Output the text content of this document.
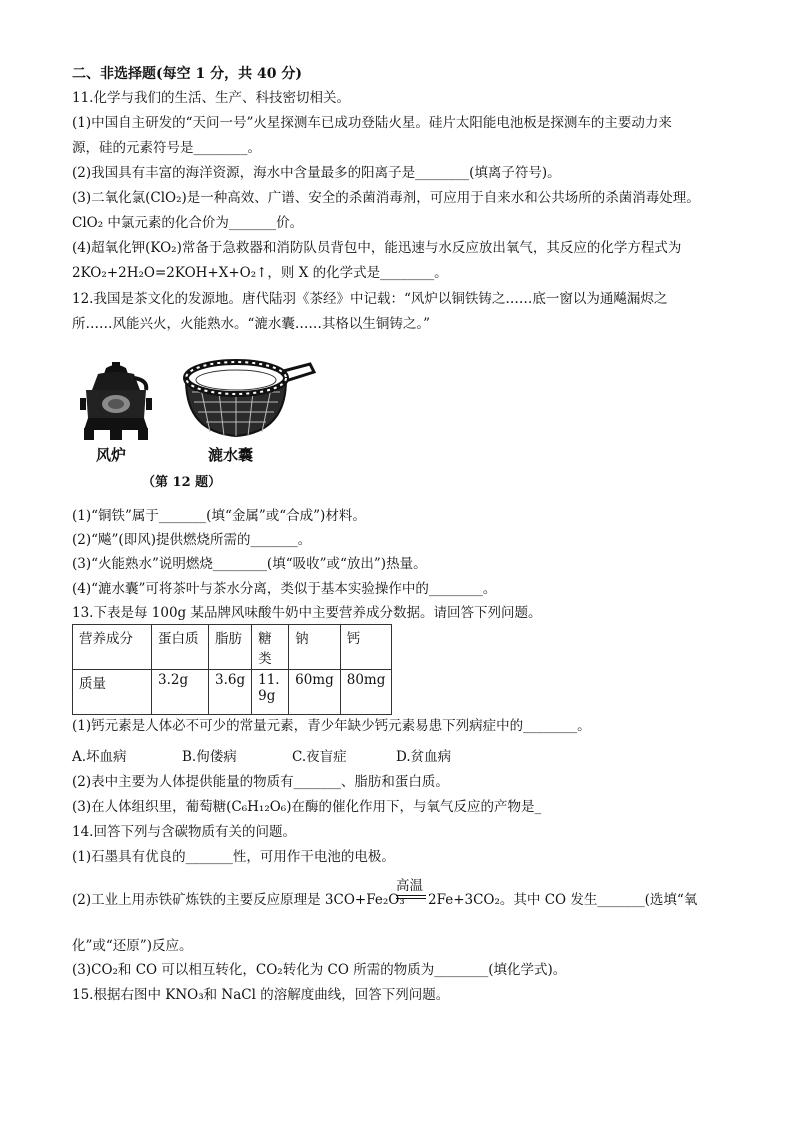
二、非选择题(每空 1 分，共 40 分)
11.化学与我们的生活、生产、科技密切相关。
(1)中国自主研发的“天问一号”火星探测车已成功登陆火星。硅片太阳能电池板是探测车的主要动力来
源，硅的元素符号是________。
(2)我国具有丰富的海洋资源，海水中含量最多的阳离子是________(填离子符号)。
(3)二氧化氯(ClO₂)是一种高效、广谱、安全的杀菌消毒剂，可应用于自来水和公共场所的杀菌消毒处理。
ClO₂ 中氯元素的化合价为_______价。
(4)超氧化钾(KO₂)常备于急救器和消防队员背包中，能迅速与水反应放出氧气，其反应的化学方程式为
2KO₂+2H₂O=2KOH+X+O₂↑，则 X 的化学式是________。
12.我国是茶文化的发源地。唐代陆羽《茶经》中记载：“风炉以铜铁铸之……底一窗以为通飚漏烬之
所……风能兴火，火能熟水。“漉水囊……其格以生铜铸之。”
风炉	漉水囊
（第 12 题）
(1)“铜铁”属于_______(填“金属”或“合成”)材料。
(2)“飚”(即风)提供燃烧所需的_______。
(3)“火能熟水”说明燃烧________(填“吸收”或“放出”)热量。
(4)“漉水囊”可将茶叶与茶水分离，类似于基本实验操作中的________。
13.下表是每 100g 某品牌风味酸牛奶中主要营养成分数据。请回答下列问题。
营养成分	蛋白质	脂肪	糖类	钠	钙
质量	3.2g	3.6g	11.9g	60mg	80mg
(1)钙元素是人体必不可少的常量元素，青少年缺少钙元素易患下列病症中的________。
A.坏血病	B.佝偻病	C.夜盲症	D.贫血病
(2)表中主要为人体提供能量的物质有_______、脂肪和蛋白质。
(3)在人体组织里，葡萄糖(C₆H₁₂O₆)在酶的催化作用下，与氧气反应的产物是_
14.回答下列与含碳物质有关的问题。
(1)石墨具有优良的_______性，可用作干电池的电极。
高温
(2)工业上用赤铁矿炼铁的主要反应原理是 3CO+Fe₂O₃ 2Fe+3CO₂。其中 CO 发生_______(选填“氧
化”或“还原”)反应。
(3)CO₂和 CO 可以相互转化，CO₂转化为 CO 所需的物质为________(填化学式)。
15.根据右图中 KNO₃和 NaCl 的溶解度曲线，回答下列问题。
